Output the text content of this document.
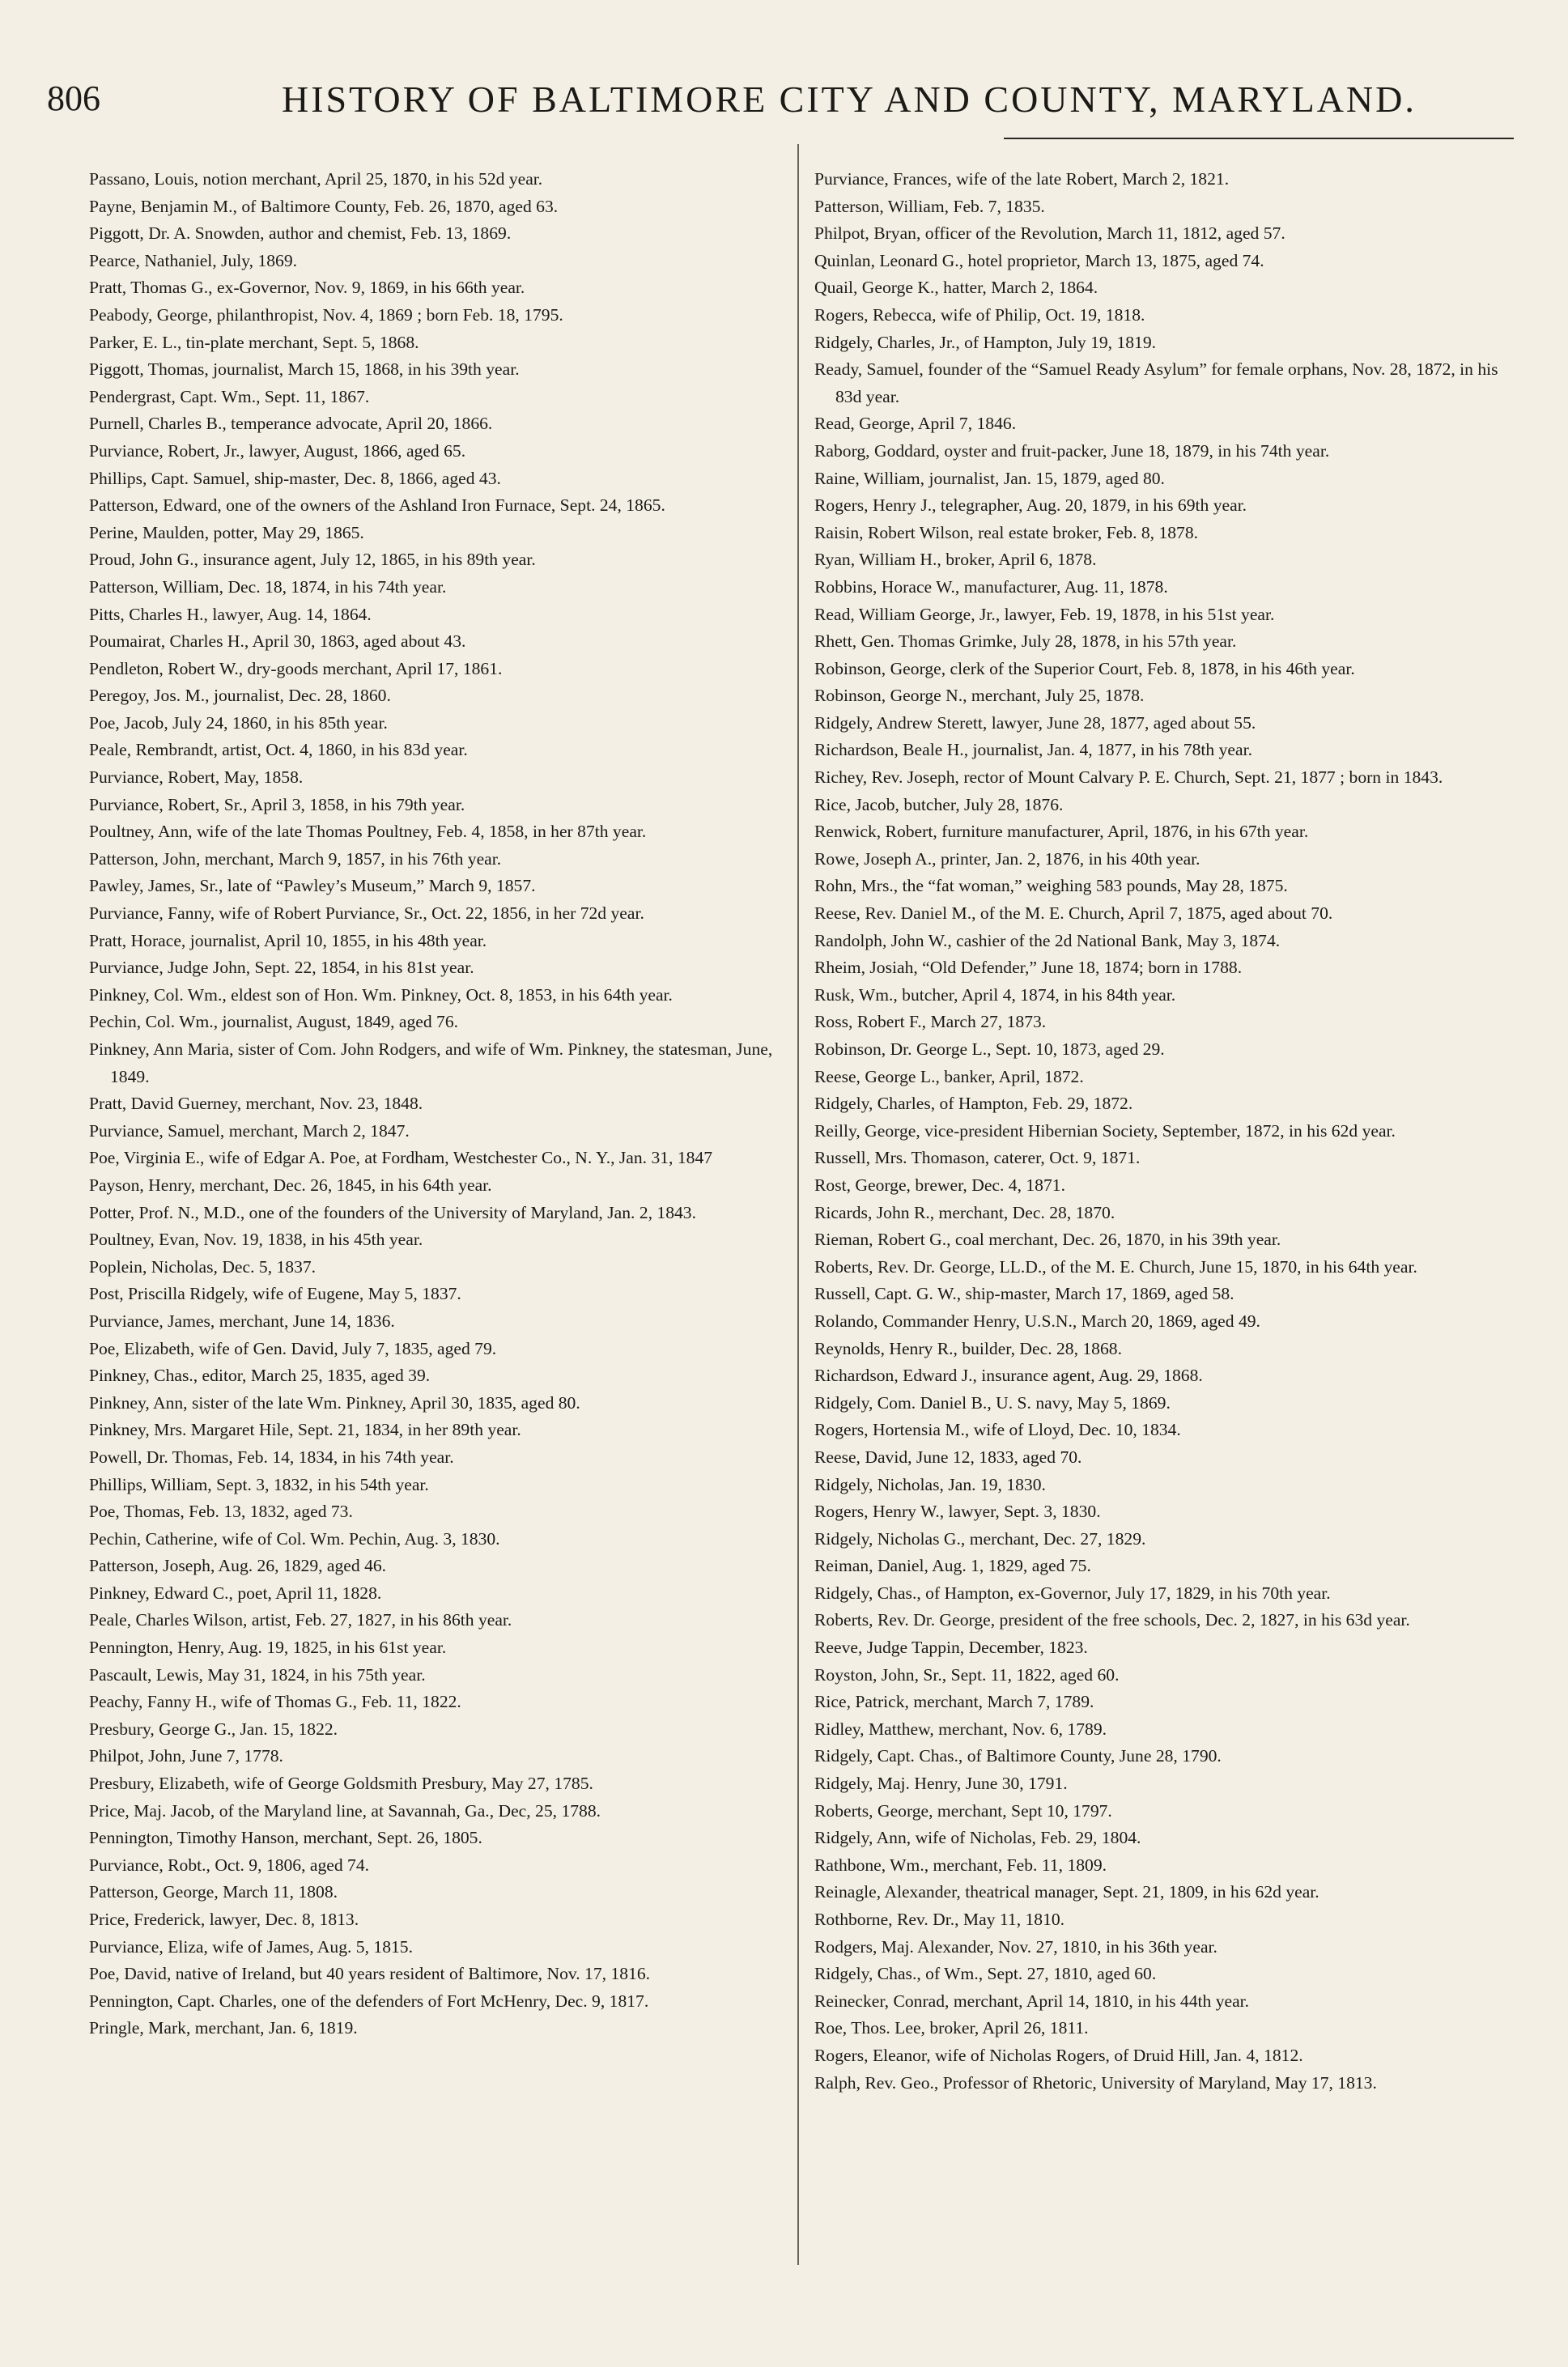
806	HISTORY OF BALTIMORE CITY AND COUNTY, MARYLAND.

Passano, Louis, notion merchant, April 25, 1870, in his 52d year.

Payne, Benjamin M., of Baltimore County, Feb. 26, 1870, aged 63.

Piggott, Dr. A. Snowden, author and chemist, Feb. 13, 1869.

Pearce, Nathaniel, July, 1869.

Pratt, Thomas G., ex-Governor, Nov. 9, 1869, in his 66th year.

Peabody, George, philanthropist, Nov. 4, 1869 ; born Feb. 18, 1795.

Parker, E. L., tin-plate merchant, Sept. 5, 1868.

Piggott, Thomas, journalist, March 15, 1868, in his 39th year.

Pendergrast, Capt. Wm., Sept. 11, 1867.

Purnell, Charles B., temperance advocate, April 20, 1866.

Purviance, Robert, Jr., lawyer, August, 1866, aged 65.

Phillips, Capt. Samuel, ship-master, Dec. 8, 1866, aged 43.

Patterson, Edward, one of the owners of the Ashland Iron Furnace, Sept. 24, 1865.

Perine, Maulden, potter, May 29, 1865.

Proud, John G., insurance agent, July 12, 1865, in his 89th year.

Patterson, William, Dec. 18, 1874, in his 74th year.

Pitts, Charles H., lawyer, Aug. 14, 1864.

Poumairat, Charles H., April 30, 1863, aged about 43.

Pendleton, Robert W., dry-goods merchant, April 17, 1861.

Peregoy, Jos. M., journalist, Dec. 28, 1860.

Poe, Jacob, July 24, 1860, in his 85th year.

Peale, Rembrandt, artist, Oct. 4, 1860, in his 83d year.

Purviance, Robert, May, 1858.

Purviance, Robert, Sr., April 3, 1858, in his 79th year.

Poultney, Ann, wife of the late Thomas Poultney, Feb. 4, 1858, in her 87th year.

Patterson, John, merchant, March 9, 1857, in his 76th year.

Pawley, James, Sr., late of “Pawley’s Museum,” March 9, 1857.

Purviance, Fanny, wife of Robert Purviance, Sr., Oct. 22, 1856, in her 72d year.

Pratt, Horace, journalist, April 10, 1855, in his 48th year.

Purviance, Judge John, Sept. 22, 1854, in his 81st year.

Pinkney, Col. Wm., eldest son of Hon. Wm. Pinkney, Oct. 8, 1853, in his 64th year.

Pechin, Col. Wm., journalist, August, 1849, aged 76.

Pinkney, Ann Maria, sister of Com. John Rodgers, and wife of Wm. Pinkney, the statesman, June, 1849.

Pratt, David Guerney, merchant, Nov. 23, 1848.

Purviance, Samuel, merchant, March 2, 1847.

Poe, Virginia E., wife of Edgar A. Poe, at Fordham, Westchester Co., N. Y., Jan. 31, 1847

Payson, Henry, merchant, Dec. 26, 1845, in his 64th year.

Potter, Prof. N., M.D., one of the founders of the University of Maryland, Jan. 2, 1843.

Poultney, Evan, Nov. 19, 1838, in his 45th year.

Poplein, Nicholas, Dec. 5, 1837.

Post, Priscilla Ridgely, wife of Eugene, May 5, 1837.

Purviance, James, merchant, June 14, 1836.

Poe, Elizabeth, wife of Gen. David, July 7, 1835, aged 79.

Pinkney, Chas., editor, March 25, 1835, aged 39.

Pinkney, Ann, sister of the late Wm. Pinkney, April 30, 1835, aged 80.

Pinkney, Mrs. Margaret Hile, Sept. 21, 1834, in her 89th year.

Powell, Dr. Thomas, Feb. 14, 1834, in his 74th year.

Phillips, William, Sept. 3, 1832, in his 54th year.

Poe, Thomas, Feb. 13, 1832, aged 73.

Pechin, Catherine, wife of Col. Wm. Pechin, Aug. 3, 1830.

Patterson, Joseph, Aug. 26, 1829, aged 46.

Pinkney, Edward C., poet, April 11, 1828.

Peale, Charles Wilson, artist, Feb. 27, 1827, in his 86th year.

Pennington, Henry, Aug. 19, 1825, in his 61st year.

Pascault, Lewis, May 31, 1824, in his 75th year.

Peachy, Fanny H., wife of Thomas G., Feb. 11, 1822.

Presbury, George G., Jan. 15, 1822.

Philpot, John, June 7, 1778.

Presbury, Elizabeth, wife of George Goldsmith Presbury, May 27, 1785.

Price, Maj. Jacob, of the Maryland line, at Savannah, Ga., Dec, 25, 1788.

Pennington, Timothy Hanson, merchant, Sept. 26, 1805.

Purviance, Robt., Oct. 9, 1806, aged 74.

Patterson, George, March 11, 1808.

Price, Frederick, lawyer, Dec. 8, 1813.

Purviance, Eliza, wife of James, Aug. 5, 1815.

Poe, David, native of Ireland, but 40 years resident of Baltimore, Nov. 17, 1816.

Pennington, Capt. Charles, one of the defenders of Fort McHenry, Dec. 9, 1817.

Pringle, Mark, merchant, Jan. 6, 1819.

Purviance, Frances, wife of the late Robert, March 2, 1821.

Patterson, William, Feb. 7, 1835.

Philpot, Bryan, officer of the Revolution, March 11, 1812, aged 57.

Quinlan, Leonard G., hotel proprietor, March 13, 1875, aged 74.

Quail, George K., hatter, March 2, 1864.

Rogers, Rebecca, wife of Philip, Oct. 19, 1818.

Ridgely, Charles, Jr., of Hampton, July 19, 1819.

Ready, Samuel, founder of the “Samuel Ready Asylum” for female orphans, Nov. 28, 1872, in his 83d year.

Read, George, April 7, 1846.

Raborg, Goddard, oyster and fruit-packer, June 18, 1879, in his 74th year.

Raine, William, journalist, Jan. 15, 1879, aged 80.

Rogers, Henry J., telegrapher, Aug. 20, 1879, in his 69th year.

Raisin, Robert Wilson, real estate broker, Feb. 8, 1878.

Ryan, William H., broker, April 6, 1878.

Robbins, Horace W., manufacturer, Aug. 11, 1878.

Read, William George, Jr., lawyer, Feb. 19, 1878, in his 51st year.

Rhett, Gen. Thomas Grimke, July 28, 1878, in his 57th year.

Robinson, George, clerk of the Superior Court, Feb. 8, 1878, in his 46th year.

Robinson, George N., merchant, July 25, 1878.

Ridgely, Andrew Sterett, lawyer, June 28, 1877, aged about 55.

Richardson, Beale H., journalist, Jan. 4, 1877, in his 78th year.

Richey, Rev. Joseph, rector of Mount Calvary P. E. Church, Sept. 21, 1877 ; born in 1843.

Rice, Jacob, butcher, July 28, 1876.

Renwick, Robert, furniture manufacturer, April, 1876, in his 67th year.

Rowe, Joseph A., printer, Jan. 2, 1876, in his 40th year.

Rohn, Mrs., the “fat woman,” weighing 583 pounds, May 28, 1875.

Reese, Rev. Daniel M., of the M. E. Church, April 7, 1875, aged about 70.

Randolph, John W., cashier of the 2d National Bank, May 3, 1874.

Rheim, Josiah, “Old Defender,” June 18, 1874; born in 1788.

Rusk, Wm., butcher, April 4, 1874, in his 84th year.

Ross, Robert F., March 27, 1873.

Robinson, Dr. George L., Sept. 10, 1873, aged 29.

Reese, George L., banker, April, 1872.

Ridgely, Charles, of Hampton, Feb. 29, 1872.

Reilly, George, vice-president Hibernian Society, September, 1872, in his 62d year.

Russell, Mrs. Thomason, caterer, Oct. 9, 1871.

Rost, George, brewer, Dec. 4, 1871.

Ricards, John R., merchant, Dec. 28, 1870.

Rieman, Robert G., coal merchant, Dec. 26, 1870, in his 39th year.

Roberts, Rev. Dr. George, LL.D., of the M. E. Church, June 15, 1870, in his 64th year.

Russell, Capt. G. W., ship-master, March 17, 1869, aged 58.

Rolando, Commander Henry, U.S.N., March 20, 1869, aged 49.

Reynolds, Henry R., builder, Dec. 28, 1868.

Richardson, Edward J., insurance agent, Aug. 29, 1868.

Ridgely, Com. Daniel B., U. S. navy, May 5, 1869.

Rogers, Hortensia M., wife of Lloyd, Dec. 10, 1834.

Reese, David, June 12, 1833, aged 70.

Ridgely, Nicholas, Jan. 19, 1830.

Rogers, Henry W., lawyer, Sept. 3, 1830.

Ridgely, Nicholas G., merchant, Dec. 27, 1829.

Reiman, Daniel, Aug. 1, 1829, aged 75.

Ridgely, Chas., of Hampton, ex-Governor, July 17, 1829, in his 70th year.

Roberts, Rev. Dr. George, president of the free schools, Dec. 2, 1827, in his 63d year.

Reeve, Judge Tappin, December, 1823.

Royston, John, Sr., Sept. 11, 1822, aged 60.

Rice, Patrick, merchant, March 7, 1789.

Ridley, Matthew, merchant, Nov. 6, 1789.

Ridgely, Capt. Chas., of Baltimore County, June 28, 1790.

Ridgely, Maj. Henry, June 30, 1791.

Roberts, George, merchant, Sept 10, 1797.

Ridgely, Ann, wife of Nicholas, Feb. 29, 1804.

Rathbone, Wm., merchant, Feb. 11, 1809.

Reinagle, Alexander, theatrical manager, Sept. 21, 1809, in his 62d year.

Rothborne, Rev. Dr., May 11, 1810.

Rodgers, Maj. Alexander, Nov. 27, 1810, in his 36th year.

Ridgely, Chas., of Wm., Sept. 27, 1810, aged 60.

Reinecker, Conrad, merchant, April 14, 1810, in his 44th year.

Roe, Thos. Lee, broker, April 26, 1811.

Rogers, Eleanor, wife of Nicholas Rogers, of Druid Hill, Jan. 4, 1812.

Ralph, Rev. Geo., Professor of Rhetoric, University of Maryland, May 17, 1813.
